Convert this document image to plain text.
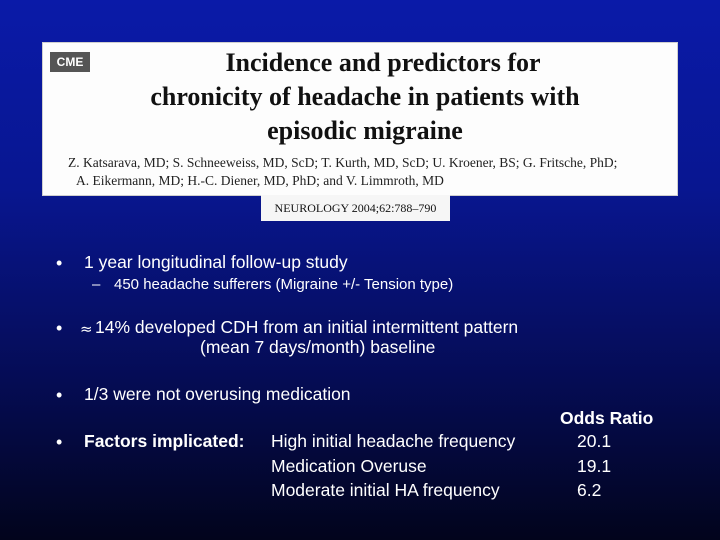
CME	Incidence and predictors for
chronicity of headache in patients with
episodic migraine
Z. Katsarava, MD; S. Schneeweiss, MD, ScD; T. Kurth, MD, ScD; U. Kroener, BS; G. Fritsche, PhD;
A. Eikermann, MD; H.-C. Diener, MD, PhD; and V. Limmroth, MD
NEUROLOGY 2004;62:788–790
• 1 year longitudinal follow-up study
– 450 headache sufferers (Migraine +/- Tension type)
• ≈ 14% developed CDH from an initial intermittent pattern
(mean 7 days/month) baseline
• 1/3 were not overusing medication
Odds Ratio
• Factors implicated: High initial headache frequency	20.1
Medication Overuse	19.1
Moderate initial HA frequency	6.2
